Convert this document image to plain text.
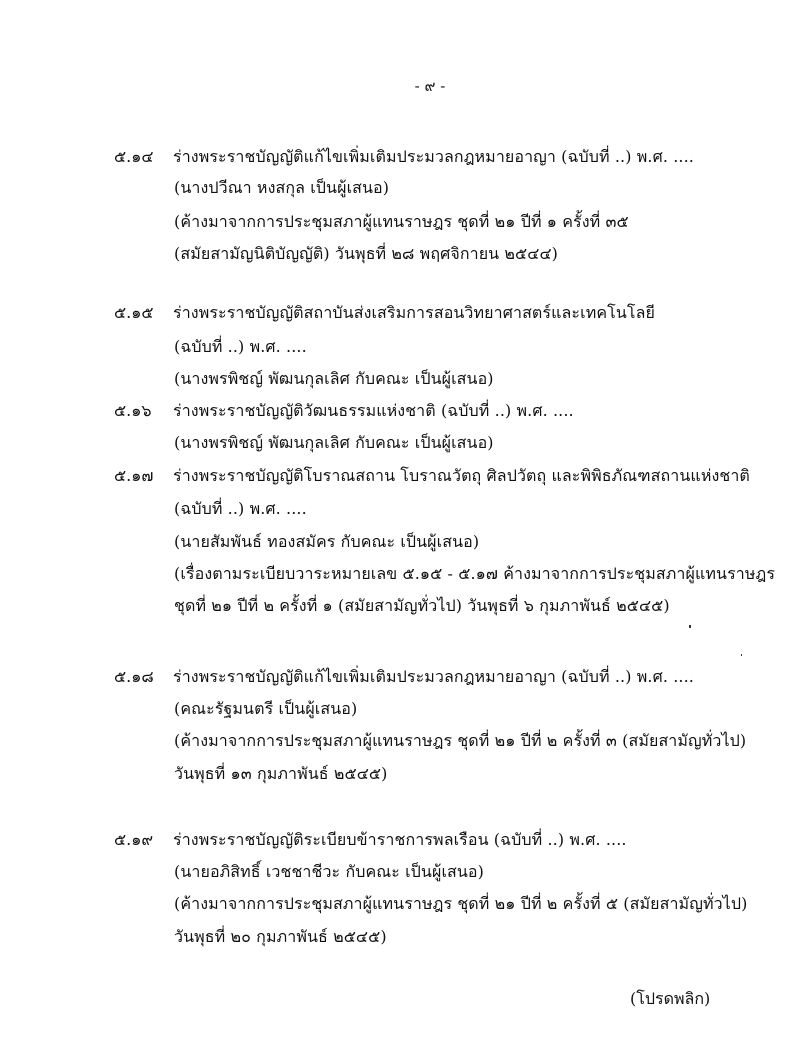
- ๙ -
๕.๑๔ ร่างพระราชบัญญัติแก้ไขเพิ่มเติมประมวลกฎหมายอาญา (ฉบับที่ ..) พ.ศ. ....
(นางปวีณา หงสกุล เป็นผู้เสนอ)
(ค้างมาจากการประชุมสภาผู้แทนราษฎร ชุดที่ ๒๑ ปีที่ ๑ ครั้งที่ ๓๕
(สมัยสามัญนิติบัญญัติ) วันพุธที่ ๒๘ พฤศจิกายน ๒๕๔๔)
๕.๑๕ ร่างพระราชบัญญัติสถาบันส่งเสริมการสอนวิทยาศาสตร์และเทคโนโลยี
(ฉบับที่ ..) พ.ศ. ....
(นางพรพิชญ์ พัฒนกุลเลิศ กับคณะ เป็นผู้เสนอ)
๕.๑๖ ร่างพระราชบัญญัติวัฒนธรรมแห่งชาติ (ฉบับที่ ..) พ.ศ. ....
(นางพรพิชญ์ พัฒนกุลเลิศ กับคณะ เป็นผู้เสนอ)
๕.๑๗ ร่างพระราชบัญญัติโบราณสถาน โบราณวัตถุ ศิลปวัตถุ และพิพิธภัณฑสถานแห่งชาติ
(ฉบับที่ ..) พ.ศ. ....
(นายสัมพันธ์ ทองสมัคร กับคณะ เป็นผู้เสนอ)
(เรื่องตามระเบียบวาระหมายเลข ๕.๑๕ - ๕.๑๗ ค้างมาจากการประชุมสภาผู้แทนราษฎร
ชุดที่ ๒๑ ปีที่ ๒ ครั้งที่ ๑ (สมัยสามัญทั่วไป) วันพุธที่ ๖ กุมภาพันธ์ ๒๕๔๕)
๕.๑๘ ร่างพระราชบัญญัติแก้ไขเพิ่มเติมประมวลกฎหมายอาญา (ฉบับที่ ..) พ.ศ. ....
(คณะรัฐมนตรี เป็นผู้เสนอ)
(ค้างมาจากการประชุมสภาผู้แทนราษฎร ชุดที่ ๒๑ ปีที่ ๒ ครั้งที่ ๓ (สมัยสามัญทั่วไป)
วันพุธที่ ๑๓ กุมภาพันธ์ ๒๕๔๕)
๕.๑๙ ร่างพระราชบัญญัติระเบียบข้าราชการพลเรือน (ฉบับที่ ..) พ.ศ. ....
(นายอภิสิทธิ์ เวชชาชีวะ กับคณะ เป็นผู้เสนอ)
(ค้างมาจากการประชุมสภาผู้แทนราษฎร ชุดที่ ๒๑ ปีที่ ๒ ครั้งที่ ๕ (สมัยสามัญทั่วไป)
วันพุธที่ ๒๐ กุมภาพันธ์ ๒๕๔๕)
(โปรดพลิก)
